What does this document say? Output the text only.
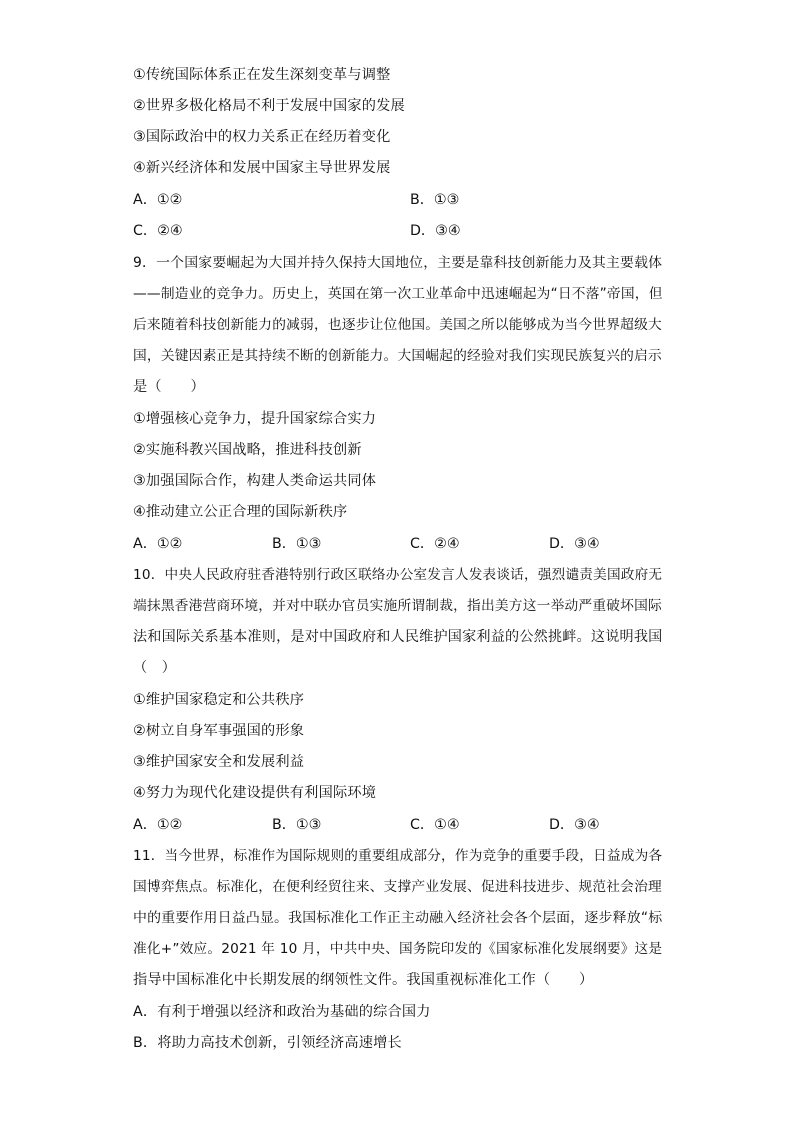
①传统国际体系正在发生深刻变革与调整
②世界多极化格局不利于发展中国家的发展
③国际政治中的权力关系正在经历着变化
④新兴经济体和发展中国家主导世界发展
A．①②	B．①③
C．②④	D．③④
9．一个国家要崛起为大国并持久保持大国地位，主要是靠科技创新能力及其主要载体
——制造业的竞争力。历史上，英国在第一次工业革命中迅速崛起为“日不落”帝国，但
后来随着科技创新能力的减弱，也逐步让位他国。美国之所以能够成为当今世界超级大
国，关键因素正是其持续不断的创新能力。大国崛起的经验对我们实现民族复兴的启示
是（　　）
①增强核心竞争力，提升国家综合实力
②实施科教兴国战略，推进科技创新
③加强国际合作，构建人类命运共同体
④推动建立公正合理的国际新秩序
A．①②	B．①③	C．②④	D．③④
10．中央人民政府驻香港特别行政区联络办公室发言人发表谈话，强烈谴责美国政府无
端抹黑香港营商环境，并对中联办官员实施所谓制裁，指出美方这一举动严重破坏国际
法和国际关系基本准则，是对中国政府和人民维护国家利益的公然挑衅。这说明我国
（　）
①维护国家稳定和公共秩序
②树立自身军事强国的形象
③维护国家安全和发展利益
④努力为现代化建设提供有利国际环境
A．①②	B．①③	C．①④	D．③④
11．当今世界，标准作为国际规则的重要组成部分，作为竞争的重要手段，日益成为各
国博弈焦点。标准化，在便利经贸往来、支撑产业发展、促进科技进步、规范社会治理
中的重要作用日益凸显。我国标准化工作正主动融入经济社会各个层面，逐步释放“标
准化+”效应。2021 年 10 月，中共中央、国务院印发的《国家标准化发展纲要》这是
指导中国标准化中长期发展的纲领性文件。我国重视标准化工作（　　）
A．有利于增强以经济和政治为基础的综合国力
B．将助力高技术创新，引领经济高速增长
